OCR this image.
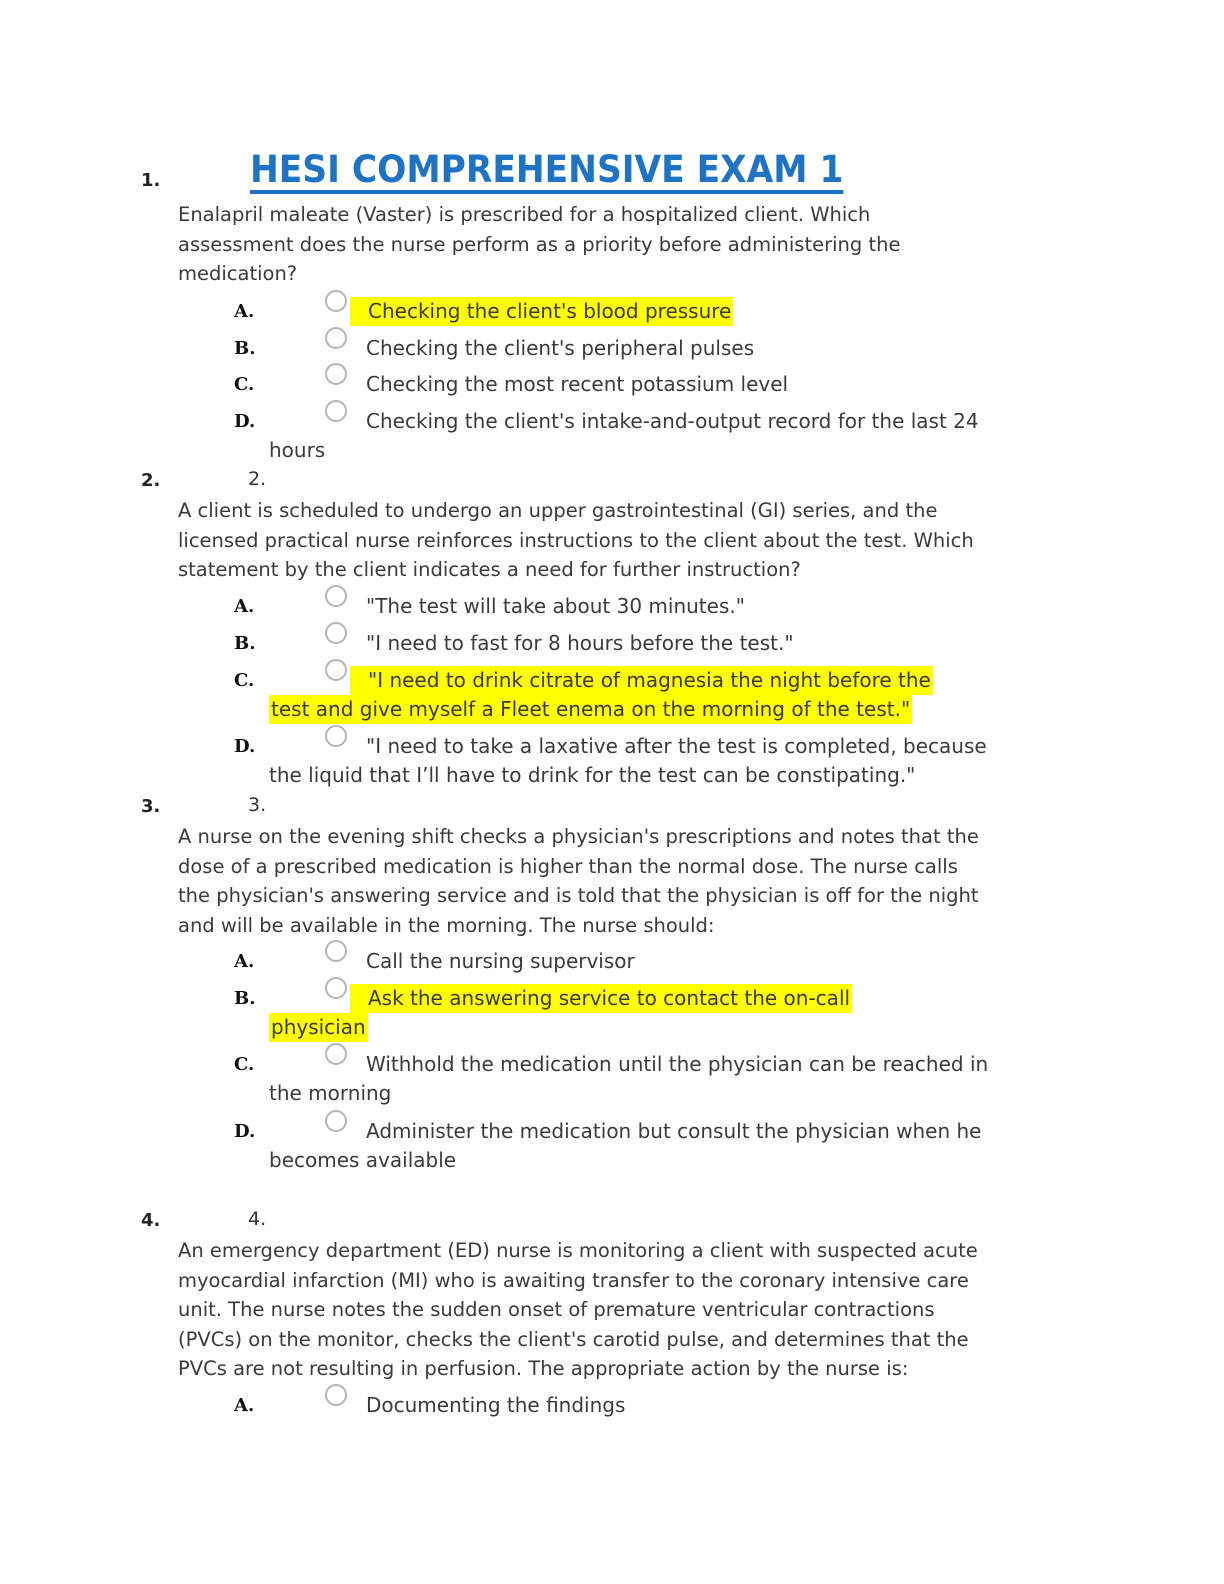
1. HESI COMPREHENSIVE EXAM 1
Enalapril maleate (Vaster) is prescribed for a hospitalized client. Which
assessment does the nurse perform as a priority before administering the
medication?
A.	Checking the client's blood pressure
B.	Checking the client's peripheral pulses
C.	Checking the most recent potassium level
D.	Checking the client's intake-and-output record for the last 24
hours
2.	2.
A client is scheduled to undergo an upper gastrointestinal (GI) series, and the
licensed practical nurse reinforces instructions to the client about the test. Which
statement by the client indicates a need for further instruction?
A.	"The test will take about 30 minutes."
B.	"I need to fast for 8 hours before the test."
C.	"I need to drink citrate of magnesia the night before the
test and give myself a Fleet enema on the morning of the test."
D.	"I need to take a laxative after the test is completed, because
the liquid that I’ll have to drink for the test can be constipating."
3.	3.
A nurse on the evening shift checks a physician's prescriptions and notes that the
dose of a prescribed medication is higher than the normal dose. The nurse calls
the physician's answering service and is told that the physician is off for the night
and will be available in the morning. The nurse should:
A.	Call the nursing supervisor
B.	Ask the answering service to contact the on-call
physician
C.	Withhold the medication until the physician can be reached in
the morning
D.	Administer the medication but consult the physician when he
becomes available
4.	4.
An emergency department (ED) nurse is monitoring a client with suspected acute
myocardial infarction (MI) who is awaiting transfer to the coronary intensive care
unit. The nurse notes the sudden onset of premature ventricular contractions
(PVCs) on the monitor, checks the client's carotid pulse, and determines that the
PVCs are not resulting in perfusion. The appropriate action by the nurse is:
A.	Documenting the findings
